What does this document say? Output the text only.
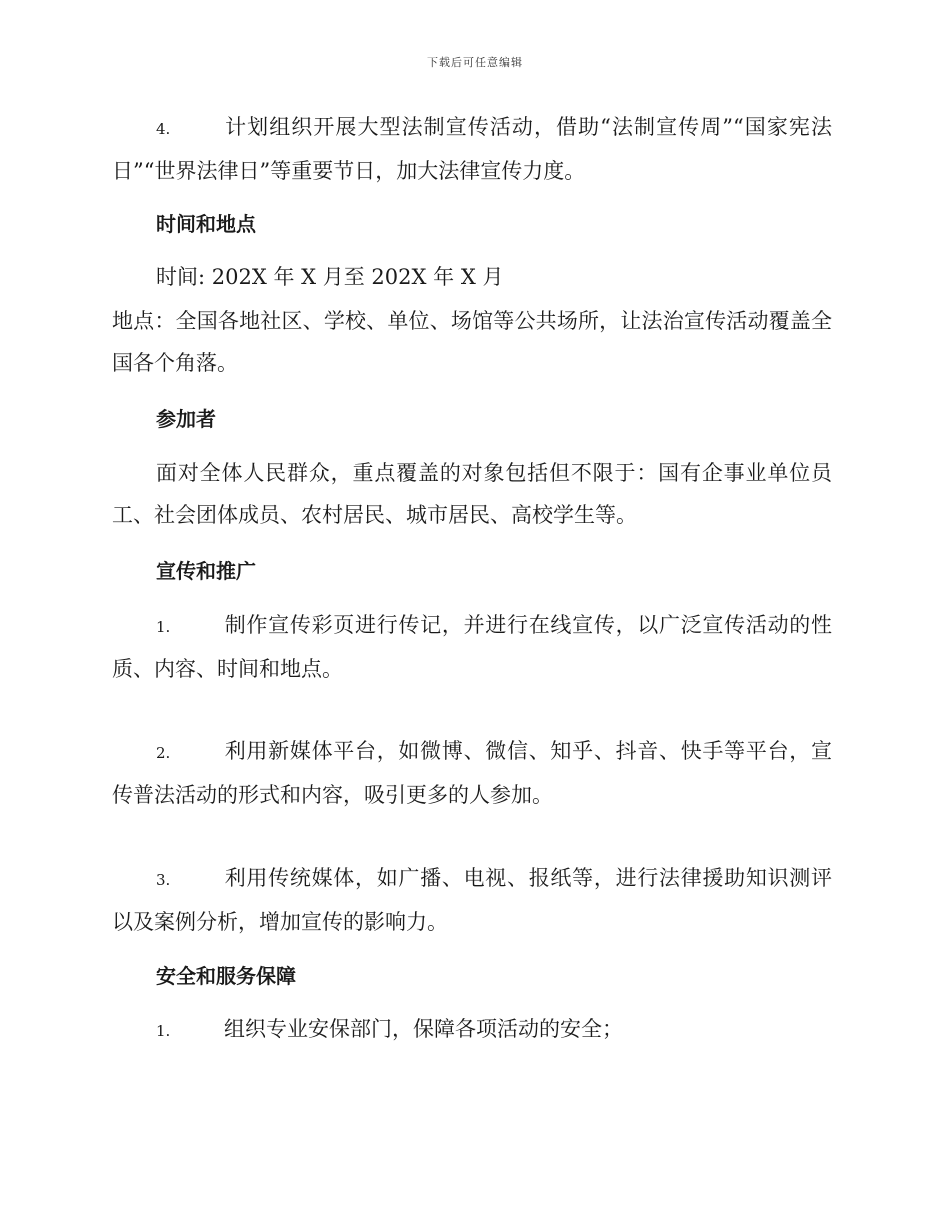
下载后可任意编辑

4.	计划组织开展大型法制宣传活动，借助“法制宣传周”“国家宪法日”“世界法律日”等重要节日，加大法律宣传力度。

时间和地点

时间: 202X 年 X 月至 202X 年 X 月

地点：全国各地社区、学校、单位、场馆等公共场所，让法治宣传活动覆盖全国各个角落。

参加者

面对全体人民群众，重点覆盖的对象包括但不限于：国有企事业单位员工、社会团体成员、农村居民、城市居民、高校学生等。

宣传和推广

1.	制作宣传彩页进行传记，并进行在线宣传，以广泛宣传活动的性质、内容、时间和地点。

2.	利用新媒体平台，如微博、微信、知乎、抖音、快手等平台，宣传普法活动的形式和内容，吸引更多的人参加。

3.	利用传统媒体，如广播、电视、报纸等，进行法律援助知识测评以及案例分析，增加宣传的影响力。

安全和服务保障

1.	组织专业安保部门，保障各项活动的安全；
